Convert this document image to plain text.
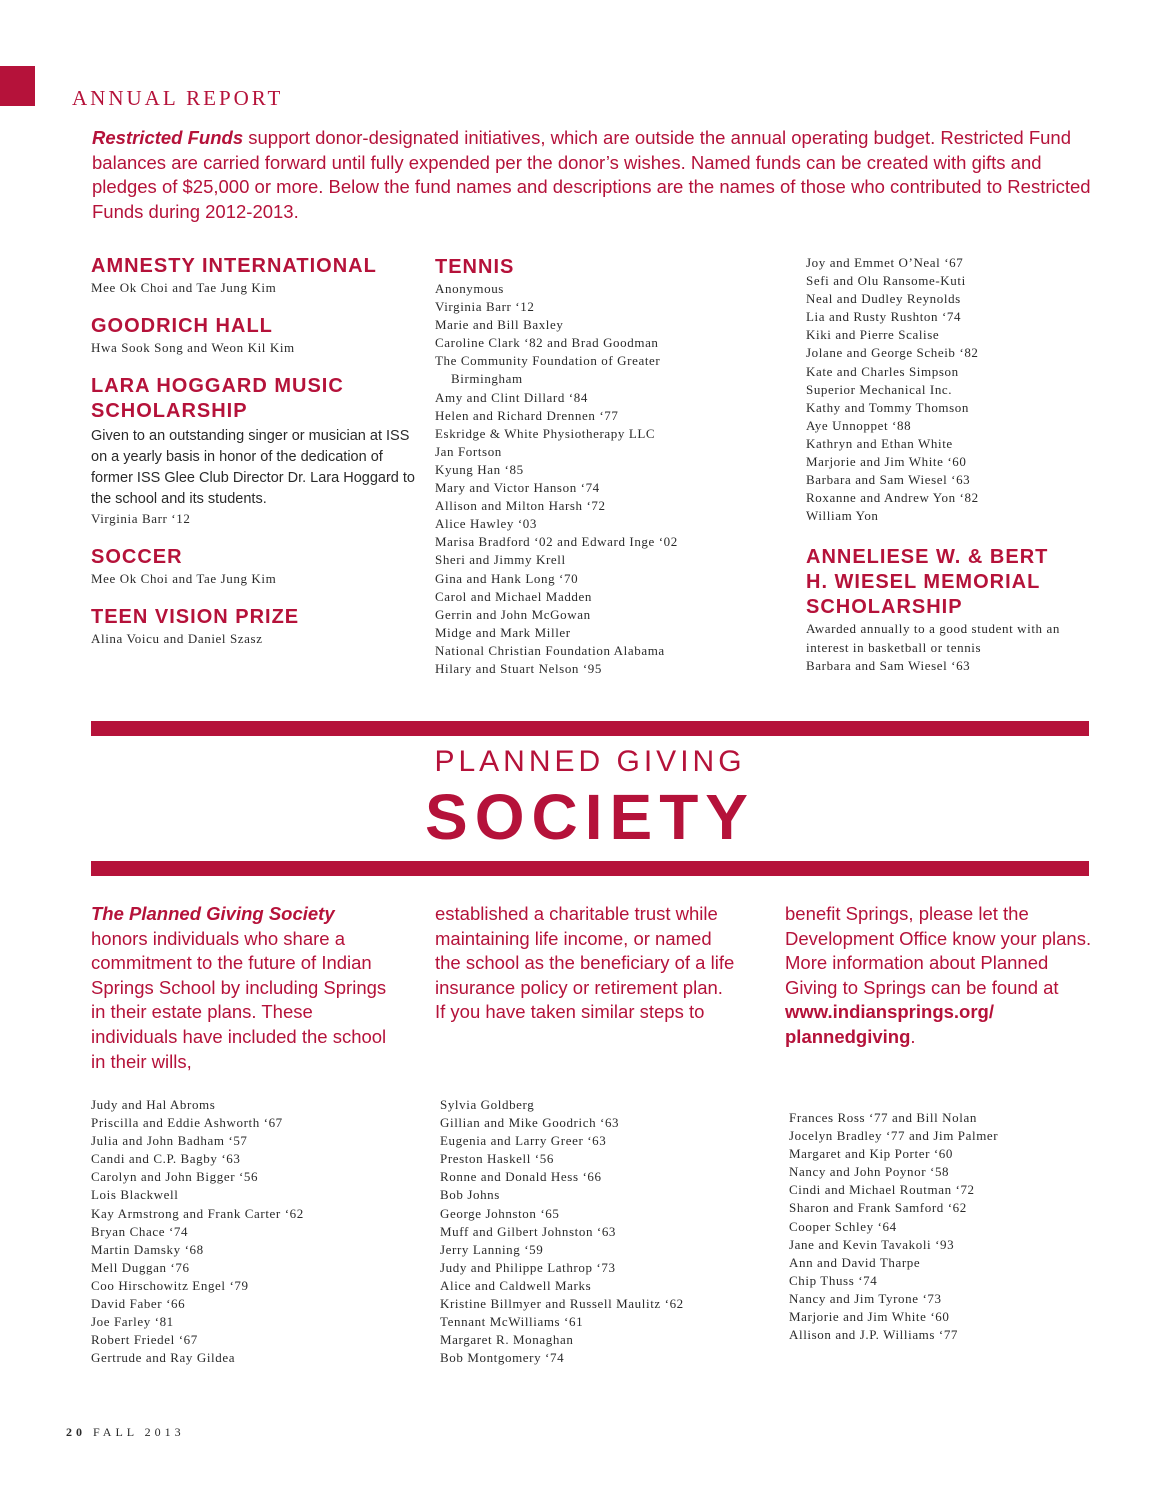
ANNUAL REPORT

Restricted Funds support donor-designated initiatives, which are outside the annual operating budget. Restricted Fund balances are carried forward until fully expended per the donor’s wishes. Named funds can be created with gifts and pledges of $25,000 or more. Below the fund names and descriptions are the names of those who contributed to Restricted Funds during 2012-2013.

AMNESTY INTERNATIONAL
Mee Ok Choi and Tae Jung Kim
GOODRICH HALL
Hwa Sook Song and Weon Kil Kim
LARA HOGGARD MUSIC
SCHOLARSHIP

Given to an outstanding singer or musician at ISS on a yearly basis in honor of the dedication of former ISS Glee Club Director Dr. Lara Hoggard to the school and its students.

Virginia Barr ‘12
SOCCER
Mee Ok Choi and Tae Jung Kim
TEEN VISION PRIZE
Alina Voicu and Daniel Szasz
TENNIS
Anonymous
Virginia Barr ‘12
Marie and Bill Baxley
Caroline Clark ‘82 and Brad Goodman
The Community Foundation of Greater
Birmingham
Amy and Clint Dillard ‘84
Helen and Richard Drennen ‘77
Eskridge & White Physiotherapy LLC
Jan Fortson
Kyung Han ‘85
Mary and Victor Hanson ‘74
Allison and Milton Harsh ‘72
Alice Hawley ‘03
Marisa Bradford ‘02 and Edward Inge ‘02
Sheri and Jimmy Krell
Gina and Hank Long ‘70
Carol and Michael Madden
Gerrin and John McGowan
Midge and Mark Miller
National Christian Foundation Alabama
Hilary and Stuart Nelson ‘95
Joy and Emmet O’Neal ‘67
Sefi and Olu Ransome-Kuti
Neal and Dudley Reynolds
Lia and Rusty Rushton ‘74
Kiki and Pierre Scalise
Jolane and George Scheib ‘82
Kate and Charles Simpson
Superior Mechanical Inc.
Kathy and Tommy Thomson
Aye Unnoppet ‘88
Kathryn and Ethan White
Marjorie and Jim White ‘60
Barbara and Sam Wiesel ‘63
Roxanne and Andrew Yon ‘82
William Yon
ANNELIESE W. & BERT
H. WIESEL MEMORIAL
SCHOLARSHIP
Awarded annually to a good student with an
interest in basketball or tennis
Barbara and Sam Wiesel ‘63
PLANNED GIVING
SOCIETY

The Planned Giving Society
honors individuals who share a commitment to the future of Indian Springs School by including Springs in their estate plans. These individuals have included the school in their wills,

established a charitable trust while maintaining life income, or named the school as the beneficiary of a life insurance policy or retirement plan. If you have taken similar steps to

benefit Springs, please let the Development Office know your plans. More information about Planned Giving to Springs can be found at www.indiansprings.org/ plannedgiving.

Judy and Hal Abroms
Priscilla and Eddie Ashworth ‘67
Julia and John Badham ‘57
Candi and C.P. Bagby ‘63
Carolyn and John Bigger ‘56
Lois Blackwell
Kay Armstrong and Frank Carter ‘62
Bryan Chace ‘74
Martin Damsky ‘68
Mell Duggan ‘76
Coo Hirschowitz Engel ‘79
David Faber ‘66
Joe Farley ‘81
Robert Friedel ‘67
Gertrude and Ray Gildea
Sylvia Goldberg
Gillian and Mike Goodrich ‘63
Eugenia and Larry Greer ‘63
Preston Haskell ‘56
Ronne and Donald Hess ‘66
Bob Johns
George Johnston ‘65
Muff and Gilbert Johnston ‘63
Jerry Lanning ‘59
Judy and Philippe Lathrop ‘73
Alice and Caldwell Marks
Kristine Billmyer and Russell Maulitz ‘62
Tennant McWilliams ‘61
Margaret R. Monaghan
Bob Montgomery ‘74
Frances Ross ‘77 and Bill Nolan
Jocelyn Bradley ‘77 and Jim Palmer
Margaret and Kip Porter ‘60
Nancy and John Poynor ‘58
Cindi and Michael Routman ‘72
Sharon and Frank Samford ‘62
Cooper Schley ‘64
Jane and Kevin Tavakoli ‘93
Ann and David Tharpe
Chip Thuss ‘74
Nancy and Jim Tyrone ‘73
Marjorie and Jim White ‘60
Allison and J.P. Williams ‘77
20 FALL 2013
